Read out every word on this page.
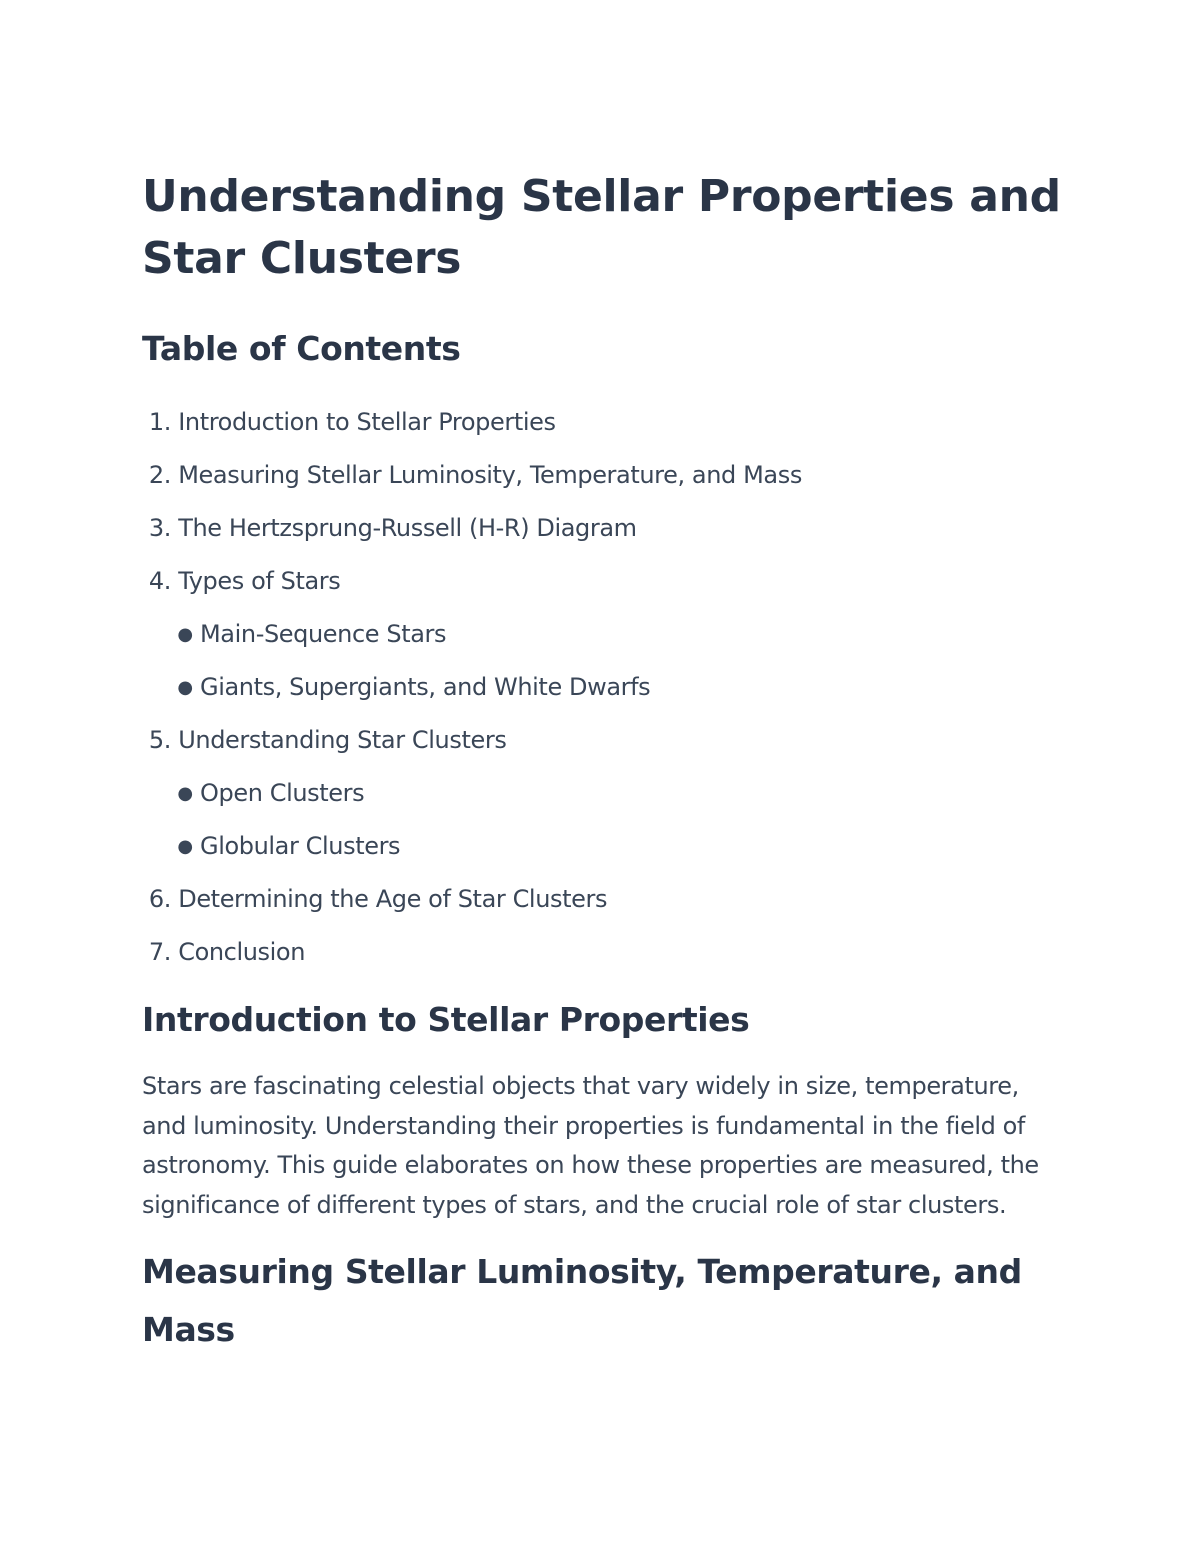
Understanding Stellar Properties and Star Clusters
Table of Contents
1. Introduction to Stellar Properties
2. Measuring Stellar Luminosity, Temperature, and Mass
3. The Hertzsprung-Russell (H-R) Diagram
4. Types of Stars
● Main-Sequence Stars
● Giants, Supergiants, and White Dwarfs
5. Understanding Star Clusters
● Open Clusters
● Globular Clusters
6. Determining the Age of Star Clusters
7. Conclusion
Introduction to Stellar Properties

Stars are fascinating celestial objects that vary widely in size, temperature, and luminosity. Understanding their properties is fundamental in the field of astronomy. This guide elaborates on how these properties are measured, the significance of different types of stars, and the crucial role of star clusters.

Measuring Stellar Luminosity, Temperature, and Mass
